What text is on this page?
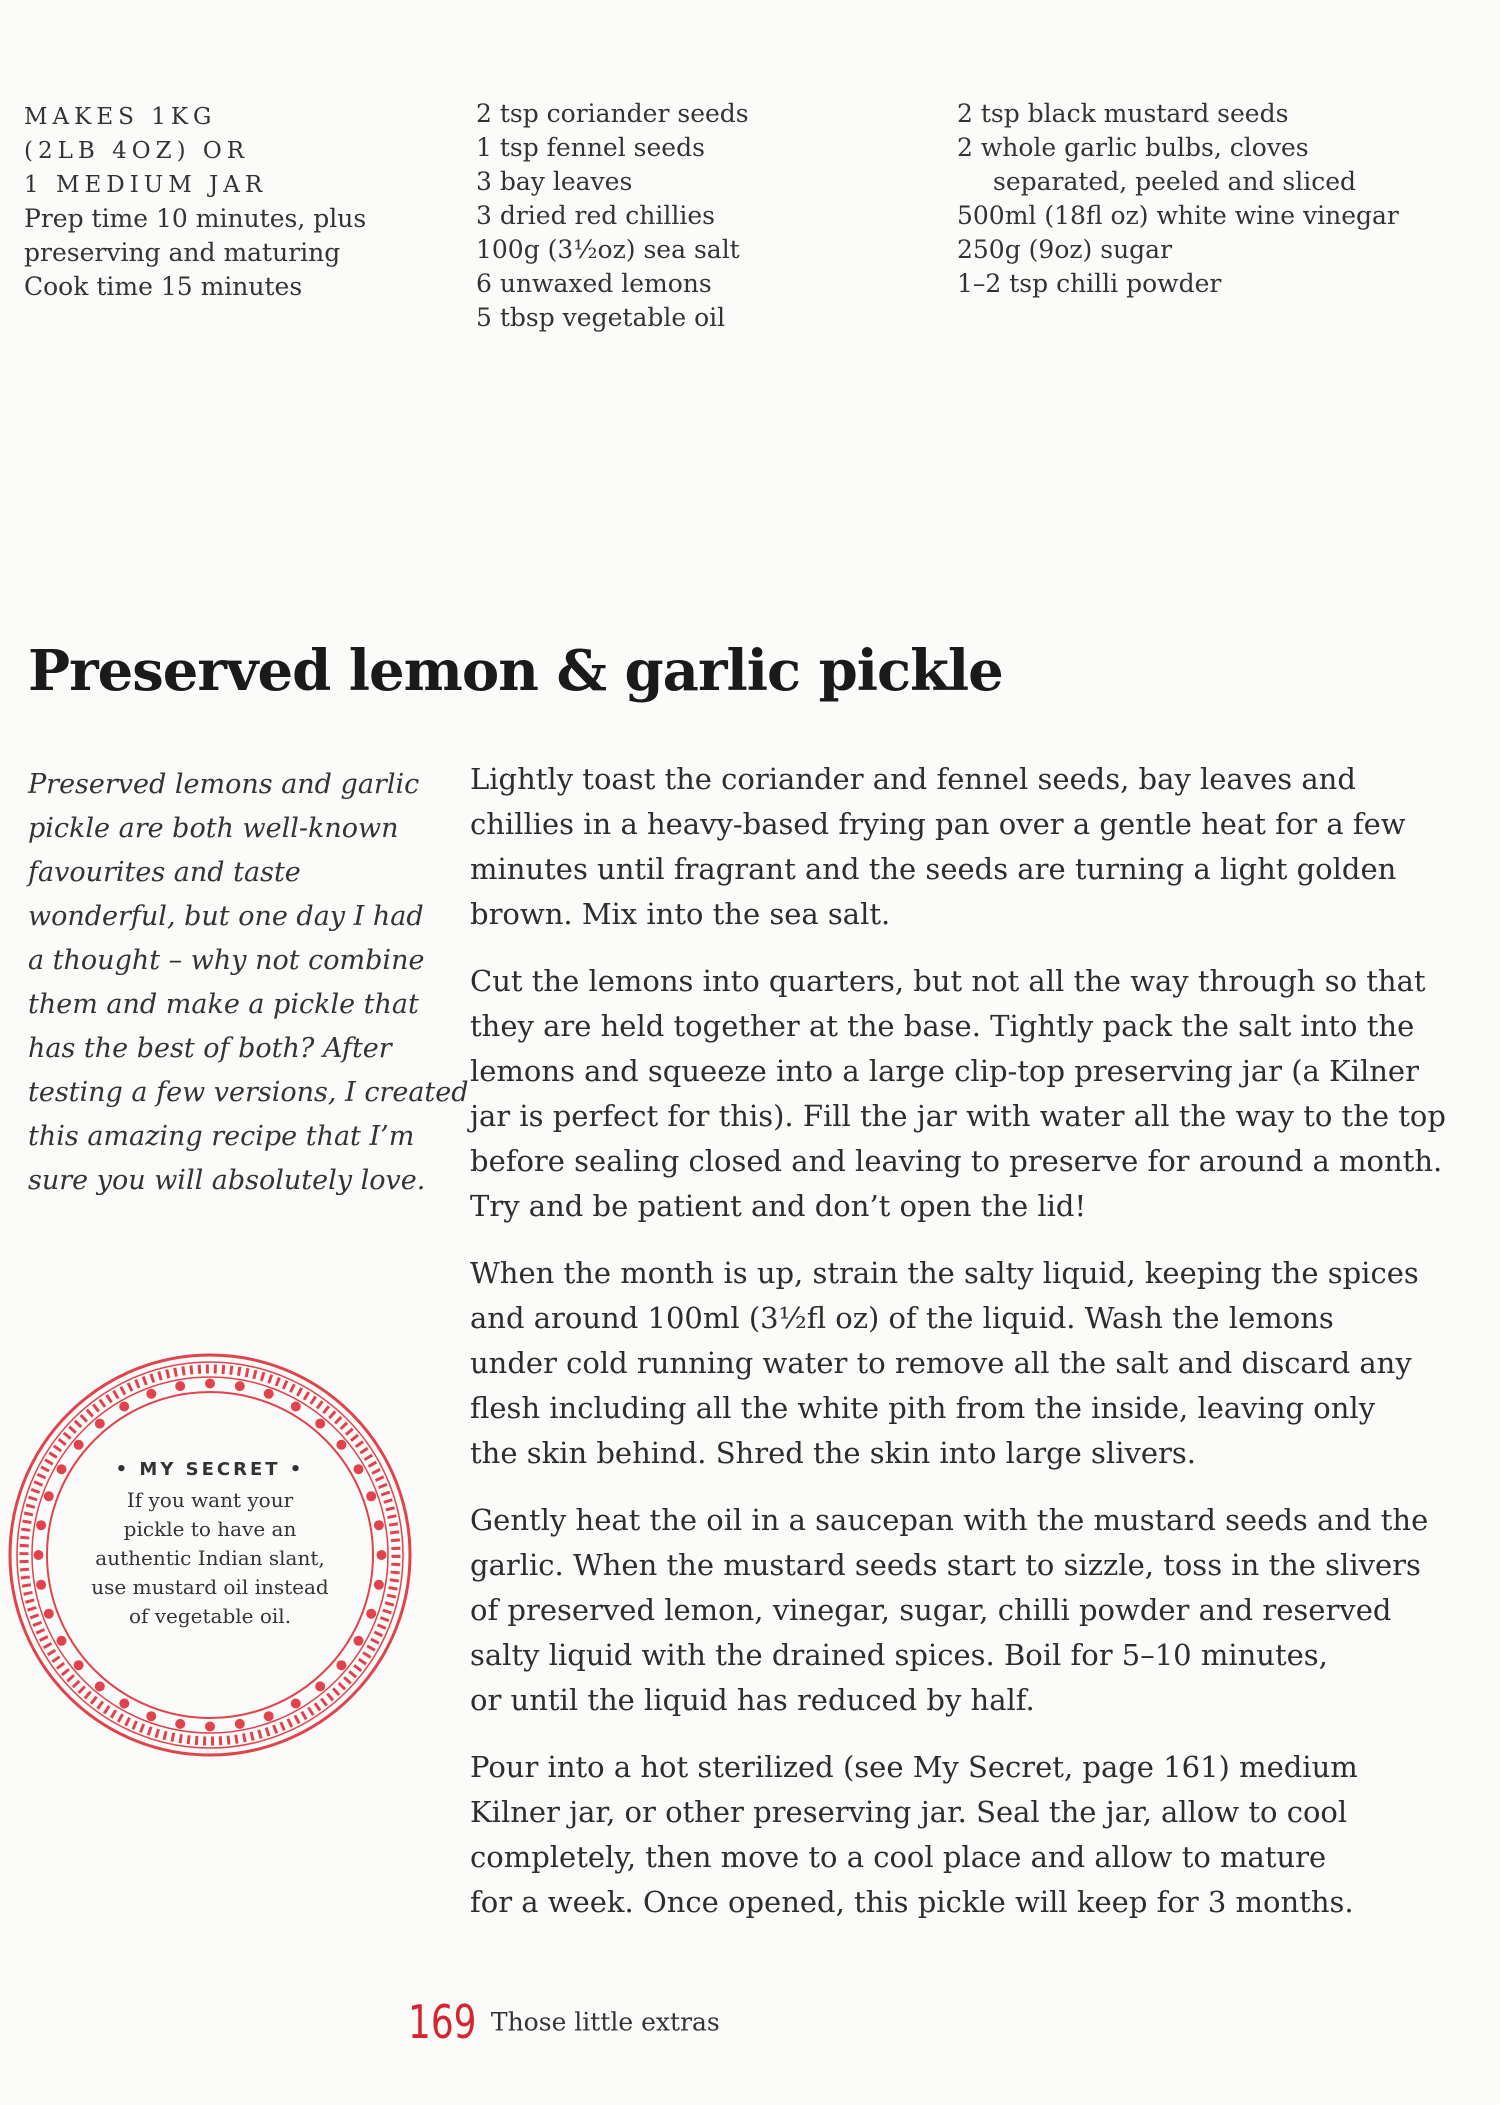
MAKES 1KG
(2LB 4OZ) OR
1 MEDIUM JAR
Prep time 10 minutes, plus
preserving and maturing
Cook time 15 minutes
2 tsp coriander seeds
1 tsp fennel seeds
3 bay leaves
3 dried red chillies
100g (3½oz) sea salt
6 unwaxed lemons
5 tbsp vegetable oil
2 tsp black mustard seeds
2 whole garlic bulbs, cloves
separated, peeled and sliced
500ml (18fl oz) white wine vinegar
250g (9oz) sugar
1–2 tsp chilli powder
Preserved lemon & garlic pickle
Preserved lemons and garlic
pickle are both well-known
favourites and taste
wonderful, but one day I had
a thought – why not combine
them and make a pickle that
has the best of both? After
testing a few versions, I created
this amazing recipe that I’m
sure you will absolutely love.

Lightly toast the coriander and fennel seeds, bay leaves and
chillies in a heavy-based frying pan over a gentle heat for a few
minutes until fragrant and the seeds are turning a light golden
brown. Mix into the sea salt.

Cut the lemons into quarters, but not all the way through so that
they are held together at the base. Tightly pack the salt into the
lemons and squeeze into a large clip-top preserving jar (a Kilner
jar is perfect for this). Fill the jar with water all the way to the top
before sealing closed and leaving to preserve for around a month.
Try and be patient and don’t open the lid!

When the month is up, strain the salty liquid, keeping the spices
and around 100ml (3½fl oz) of the liquid. Wash the lemons
under cold running water to remove all the salt and discard any
flesh including all the white pith from the inside, leaving only
the skin behind. Shred the skin into large slivers.

Gently heat the oil in a saucepan with the mustard seeds and the
garlic. When the mustard seeds start to sizzle, toss in the slivers
of preserved lemon, vinegar, sugar, chilli powder and reserved
salty liquid with the drained spices. Boil for 5–10 minutes,
or until the liquid has reduced by half.

Pour into a hot sterilized (see My Secret, page 161) medium
Kilner jar, or other preserving jar. Seal the jar, allow to cool
completely, then move to a cool place and allow to mature
for a week. Once opened, this pickle will keep for 3 months.

• MY SECRET •
If you want your
pickle to have an
authentic Indian slant,
use mustard oil instead
of vegetable oil.
169 Those little extras
